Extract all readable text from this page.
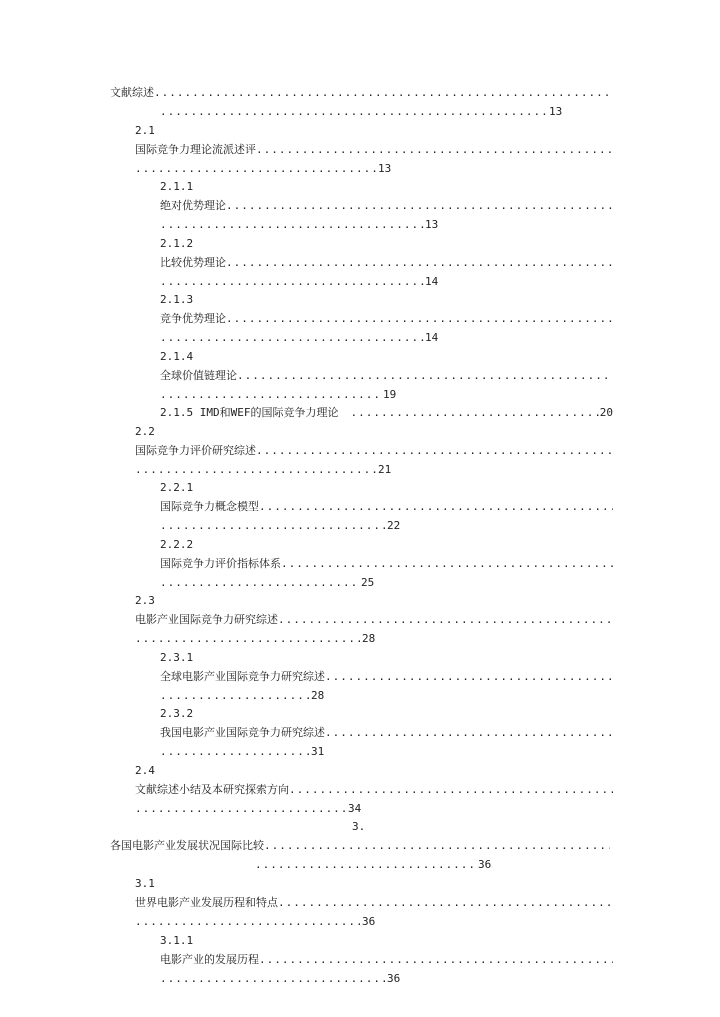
文献综述
.....
.....
13
2.1
国际竞争力理论流派述评
.....
.....
13
2.1.1
绝对优势理论
.....
.....
13
2.1.2
比较优势理论
.....
.....
14
2.1.3
竞争优势理论
.....
.....
14
2.1.4
全球价值链理论
.....
.....
19
2.1.5 IMD和WEF的国际竞争力理论
.....	20
2.2
国际竞争力评价研究综述
.....
.....
21
2.2.1
国际竞争力概念模型
.....
.....
22
2.2.2
国际竞争力评价指标体系
.....
.....
25
2.3
电影产业国际竞争力研究综述
.....
.....
28
2.3.1
全球电影产业国际竞争力研究综述
.....
.....
28
2.3.2
我国电影产业国际竞争力研究综述
.....
.....
31
2.4
文献综述小结及本研究探索方向
.....
.....
34
3.
各国电影产业发展状况国际比较
.....
.....
36
3.1
世界电影产业发展历程和特点
.....
.....
36
3.1.1
电影产业的发展历程
.....
.....
36
